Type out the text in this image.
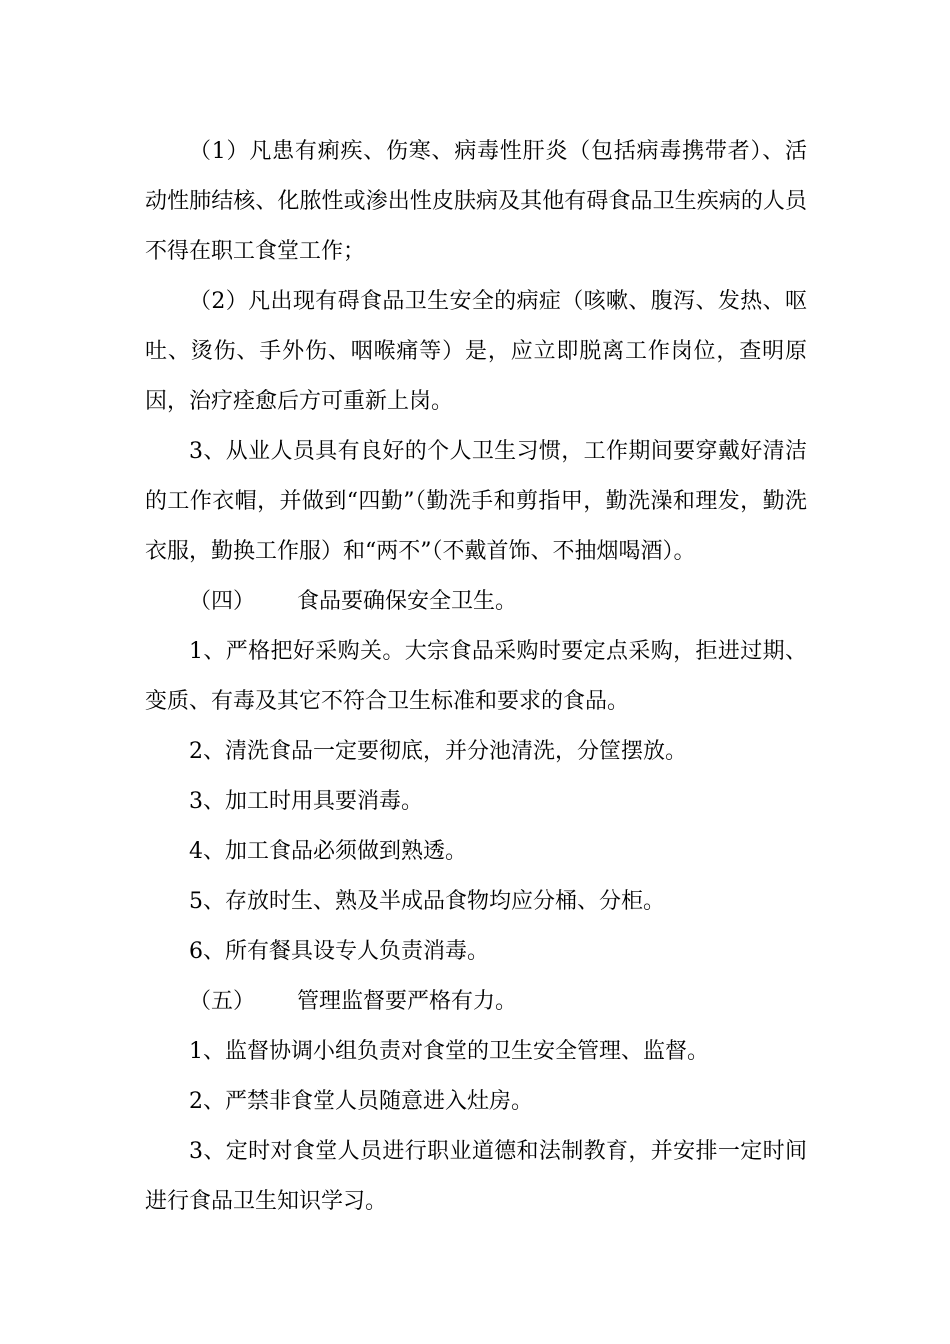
（1）凡患有痢疾、伤寒、病毒性肝炎（包括病毒携带者）、活动性肺结核、化脓性或渗出性皮肤病及其他有碍食品卫生疾病的人员不得在职工食堂工作；

（2）凡出现有碍食品卫生安全的病症（咳嗽、腹泻、发热、呕吐、烫伤、手外伤、咽喉痛等）是，应立即脱离工作岗位，查明原因，治疗痊愈后方可重新上岗。

3、从业人员具有良好的个人卫生习惯，工作期间要穿戴好清洁的工作衣帽，并做到“四勤”（勤洗手和剪指甲，勤洗澡和理发，勤洗衣服，勤换工作服）和“两不”（不戴首饰、不抽烟喝酒）。

（四）      食品要确保安全卫生。

1、严格把好采购关。大宗食品采购时要定点采购，拒进过期、变质、有毒及其它不符合卫生标准和要求的食品。

2、清洗食品一定要彻底，并分池清洗，分筐摆放。

3、加工时用具要消毒。

4、加工食品必须做到熟透。

5、存放时生、熟及半成品食物均应分桶、分柜。

6、所有餐具设专人负责消毒。

（五）      管理监督要严格有力。

1、监督协调小组负责对食堂的卫生安全管理、监督。

2、严禁非食堂人员随意进入灶房。

3、定时对食堂人员进行职业道德和法制教育，并安排一定时间进行食品卫生知识学习。
